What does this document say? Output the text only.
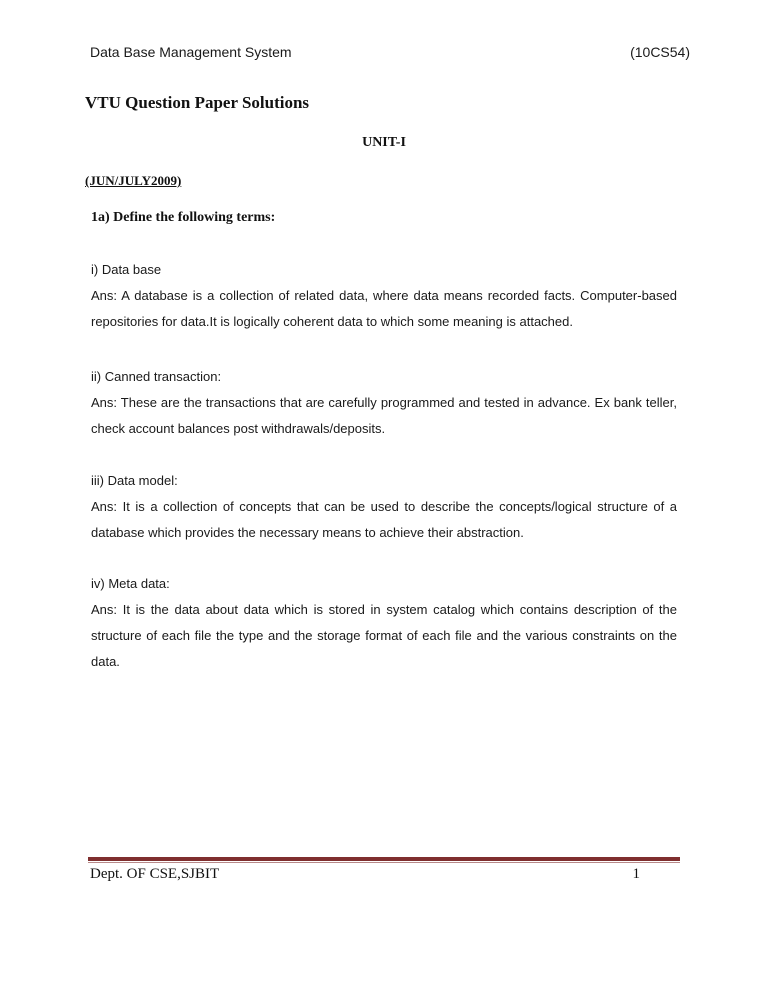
Data Base Management System	(10CS54)
VTU Question Paper Solutions
UNIT-I
(JUN/JULY2009)
1a) Define the following terms:
i) Data base
Ans: A database is a collection of related data, where data means recorded facts. Computer-based repositories for data.It is logically coherent data to which some meaning is attached.
ii) Canned transaction:
Ans: These are the transactions that are carefully programmed and tested in advance. Ex bank teller, check account balances post withdrawals/deposits.
iii) Data model:
Ans: It is a collection of concepts that can be used to describe the concepts/logical structure of a database which provides the necessary means to achieve their abstraction.
iv) Meta data:
Ans: It is the data about data which is stored in system catalog which contains description of the structure of each file the type and the storage format of each file and the various constraints on the data.
Dept. OF CSE,SJBIT	1
